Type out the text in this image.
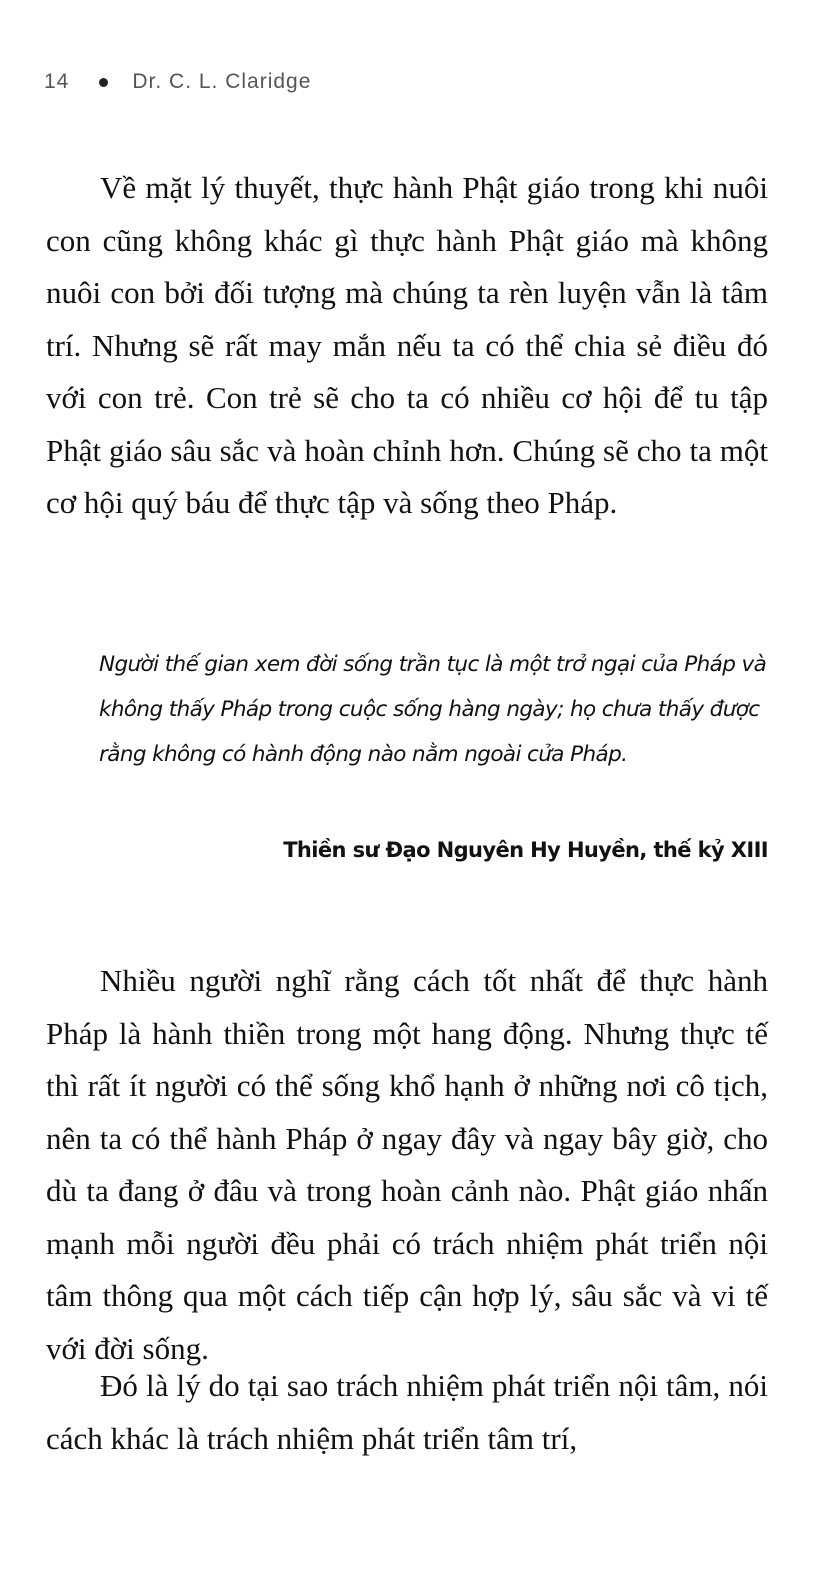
14	Dr. C. L. Claridge

Về mặt lý thuyết, thực hành Phật giáo trong khi nuôi con cũng không khác gì thực hành Phật giáo mà không nuôi con bởi đối tượng mà chúng ta rèn luyện vẫn là tâm trí. Nhưng sẽ rất may mắn nếu ta có thể chia sẻ điều đó với con trẻ. Con trẻ sẽ cho ta có nhiều cơ hội để tu tập Phật giáo sâu sắc và hoàn chỉnh hơn. Chúng sẽ cho ta một cơ hội quý báu để thực tập và sống theo Pháp.

Người thế gian xem đời sống trần tục là một trở ngại của Pháp và không thấy Pháp trong cuộc sống hàng ngày; họ chưa thấy được rằng không có hành động nào nằm ngoài cửa Pháp.

Thiền sư Đạo Nguyên Hy Huyền, thế kỷ XIII

Nhiều người nghĩ rằng cách tốt nhất để thực hành Pháp là hành thiền trong một hang động. Nhưng thực tế thì rất ít người có thể sống khổ hạnh ở những nơi cô tịch, nên ta có thể hành Pháp ở ngay đây và ngay bây giờ, cho dù ta đang ở đâu và trong hoàn cảnh nào. Phật giáo nhấn mạnh mỗi người đều phải có trách nhiệm phát triển nội tâm thông qua một cách tiếp cận hợp lý, sâu sắc và vi tế với đời sống.

Đó là lý do tại sao trách nhiệm phát triển nội tâm, nói cách khác là trách nhiệm phát triển tâm trí,
